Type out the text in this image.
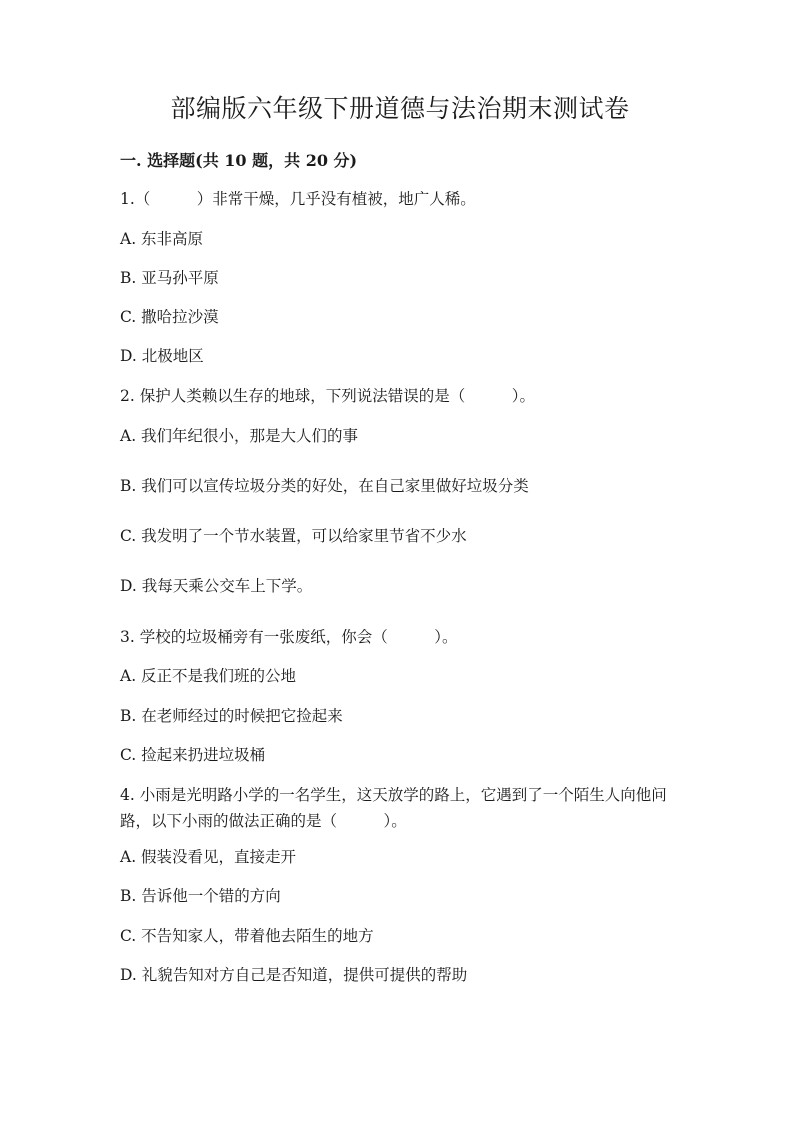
部编版六年级下册道德与法治期末测试卷
一. 选择题(共 10 题，共 20 分)
1.（　　　）非常干燥，几乎没有植被，地广人稀。
A. 东非高原
B. 亚马孙平原
C. 撒哈拉沙漠
D. 北极地区
2. 保护人类赖以生存的地球，下列说法错误的是（　　　）。
A. 我们年纪很小，那是大人们的事
B. 我们可以宣传垃圾分类的好处，在自己家里做好垃圾分类
C. 我发明了一个节水装置，可以给家里节省不少水
D. 我每天乘公交车上下学。
3. 学校的垃圾桶旁有一张废纸，你会（　　　）。
A. 反正不是我们班的公地
B. 在老师经过的时候把它捡起来
C. 捡起来扔进垃圾桶
4. 小雨是光明路小学的一名学生，这天放学的路上，它遇到了一个陌生人向他问路，以下小雨的做法正确的是（　　　）。
A. 假装没看见，直接走开
B. 告诉他一个错的方向
C. 不告知家人，带着他去陌生的地方
D. 礼貌告知对方自己是否知道，提供可提供的帮助
